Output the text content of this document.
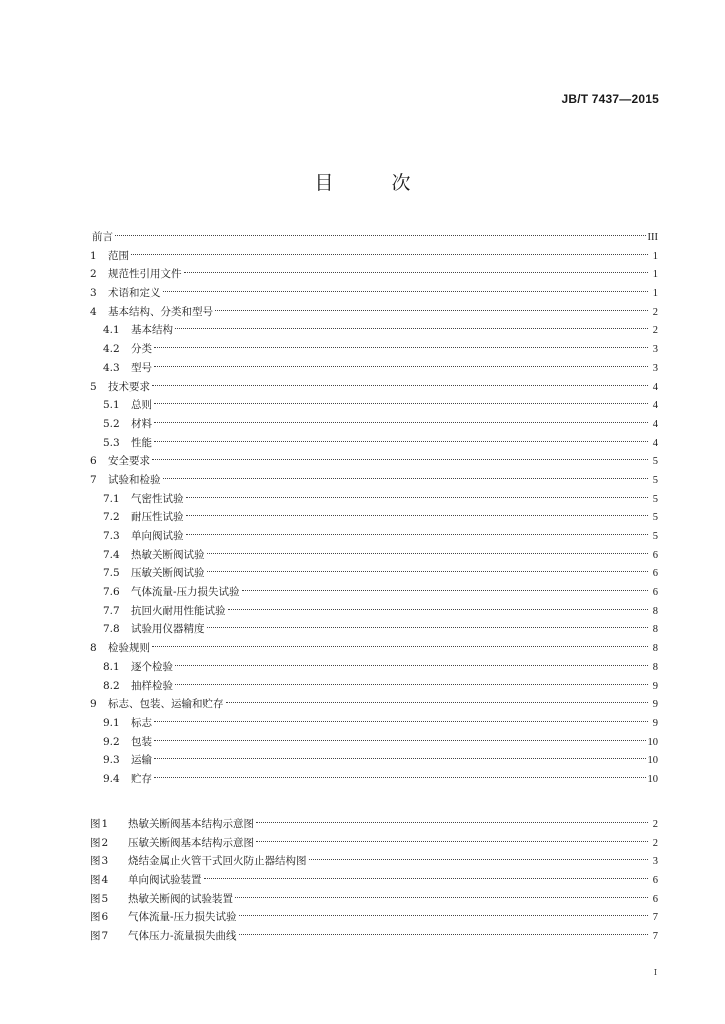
JB/T 7437—2015
目 次
前言	III
1	范围	1
2	规范性引用文件	1
3	术语和定义	1
4	基本结构、分类和型号	2
4.1	基本结构	2
4.2	分类	3
4.3	型号	3
5	技术要求	4
5.1	总则	4
5.2	材料	4
5.3	性能	4
6	安全要求	5
7	试验和检验	5
7.1	气密性试验	5
7.2	耐压性试验	5
7.3	单向阀试验	5
7.4	热敏关断阀试验	6
7.5	压敏关断阀试验	6
7.6	气体流量-压力损失试验	6
7.7	抗回火耐用性能试验	8
7.8	试验用仪器精度	8
8	检验规则	8
8.1	逐个检验	8
8.2	抽样检验	9
9	标志、包装、运输和贮存	9
9.1	标志	9
9.2	包装	10
9.3	运输	10
9.4	贮存	10
图1	热敏关断阀基本结构示意图	2
图2	压敏关断阀基本结构示意图	2
图3	烧结金属止火管干式回火防止器结构图	3
图4	单向阀试验装置	6
图5	热敏关断阀的试验装置	6
图6	气体流量-压力损失试验	7
图7	气体压力-流量损失曲线	7
I
